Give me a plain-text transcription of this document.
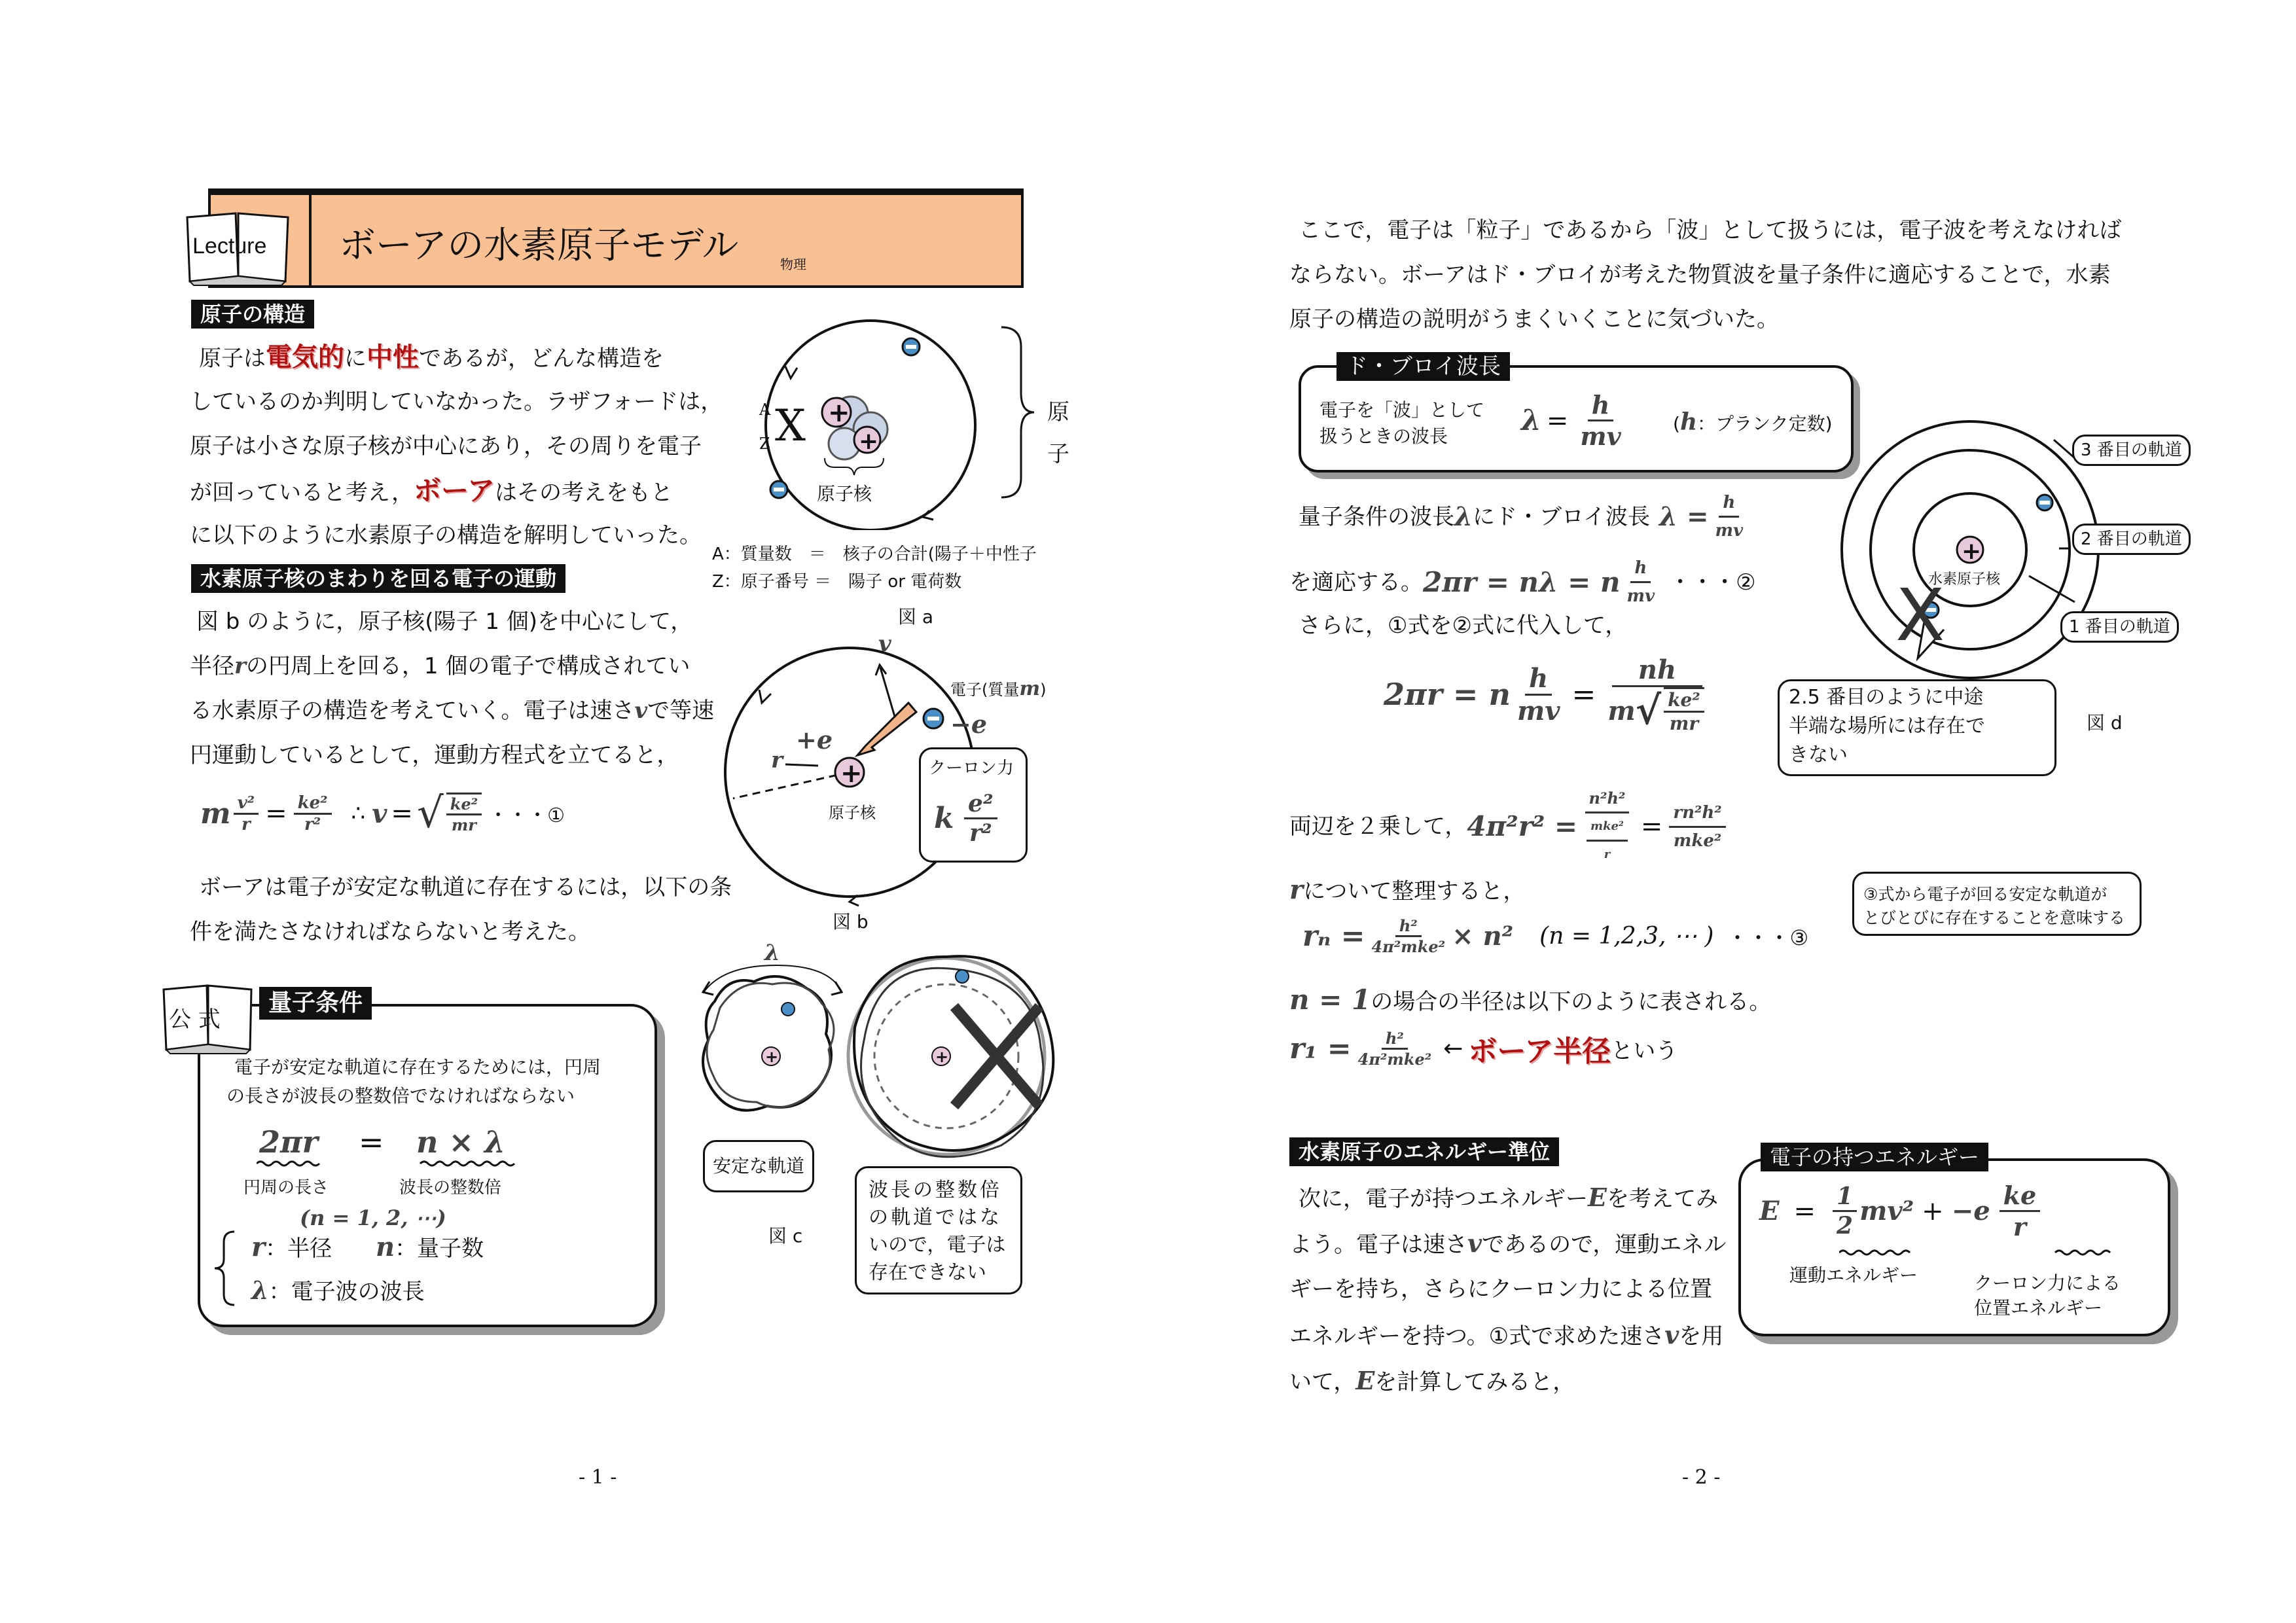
ボーアの水素原子モデル	物理
Lecture
原子の構造
原子は電気的に中性であるが，どんな構造を
しているのか判明していなかった。ラザフォードは，
原子は小さな原子核が中心にあり，その周りを電子
が回っていると考え，ボーアはその考えをもと
に以下のように水素原子の構造を解明していった。
+
+
A
Z X
原子核
原
子
A：質量数　＝　核子の合計(陽子＋中性子
Z：原子番号 ＝　陽子 or 電荷数
図 a
水素原子核のまわりを回る電子の運動
図 b のように，原子核(陽子 1 個)を中心にして，
半径rの円周上を回る，1 個の電子で構成されてい
る水素原子の構造を考えていく。電子は速さvで等速
円運動しているとして，運動方程式を立てると，
m $\frac{\text{v²}}{r} = \frac{\text{ke²}}{\text{r²}}$ ∴ v = √ $\frac{\text{ke²}}{mr}$ ・・・①
ボーアは電子が安定な軌道に存在するには，以下の条
件を満たさなければならないと考えた。
+
v
電子(質量m)
−e
+e
r
原子核
クーロン力
k $\frac{\text{e²}}{\text{r²}}$
図 b
電子が安定な軌道に存在するためには，円周
の長さが波長の整数倍でなければならない
2πr = n × λ
円周の長さ	波長の整数倍
(n = 1, 2, ⋯)
r：半径 n：量子数
λ：電子波の波長
量子条件
公 式
+	+
λ
安定な軌道
図 c
波長の整数倍
の軌道ではな
いので，電子は
存在できない
- 1 -
ここで，電子は「粒子」であるから「波」として扱うには，電子波を考えなければ
ならない。ボーアはド・ブロイが考えた物質波を量子条件に適応することで，水素
原子の構造の説明がうまくいくことに気づいた。
電子を「波」として
扱うときの波長	$\lambda = \frac{h}{mv}$	(h：プランク定数)
ド・ブロイ波長
量子条件の波長 λ にド・ブロイ波長 $\lambda = \frac{h}{mv}$
を適応する。 2πr = nλ = n $\frac{h}{mv}$ ・・・②
さらに，①式を②式に代入して，
2πr = n $\frac{h}{mv} = \frac{nh}{m √ \frac{\text{ke²}}{mr}}$
両辺を２乗して， $4\pi^2r^2 = \frac{\text{n²h²}}{\frac{\text{mke²}}{r}} = \frac{\text{rn²h²}}{\text{mke²}}$
rについて整理すると，
$r_n = \frac{\text{h²}}{\text{4π²mke²}} \times n^2$ (n = 1,2,3, ⋯ ) ・・・③
③式から電子が回る安定な軌道が
とびとびに存在することを意味する
n = 1の場合の半径は以下のように表される。
$r_1 = \frac{\text{h²}}{\text{4π²mke²}}$ ← ボーア半径 という
+
X
水素原子核
3 番目の軌道
2 番目の軌道
1 番目の軌道
2.5 番目のように中途
半端な場所には存在で
きない
図 d
水素原子のエネルギー準位
次に，電子が持つエネルギーEを考えてみ
よう。電子は速さvであるので，運動エネル
ギーを持ち，さらにクーロン力による位置
エネルギーを持つ。①式で求めた速さvを用
いて，Eを計算してみると，
$E = \frac{1}{2} mv^2 + -e \frac{ke}{r}$
運動エネルギー	クーロン力による
位置エネルギー
電子の持つエネルギー
- 2 -
